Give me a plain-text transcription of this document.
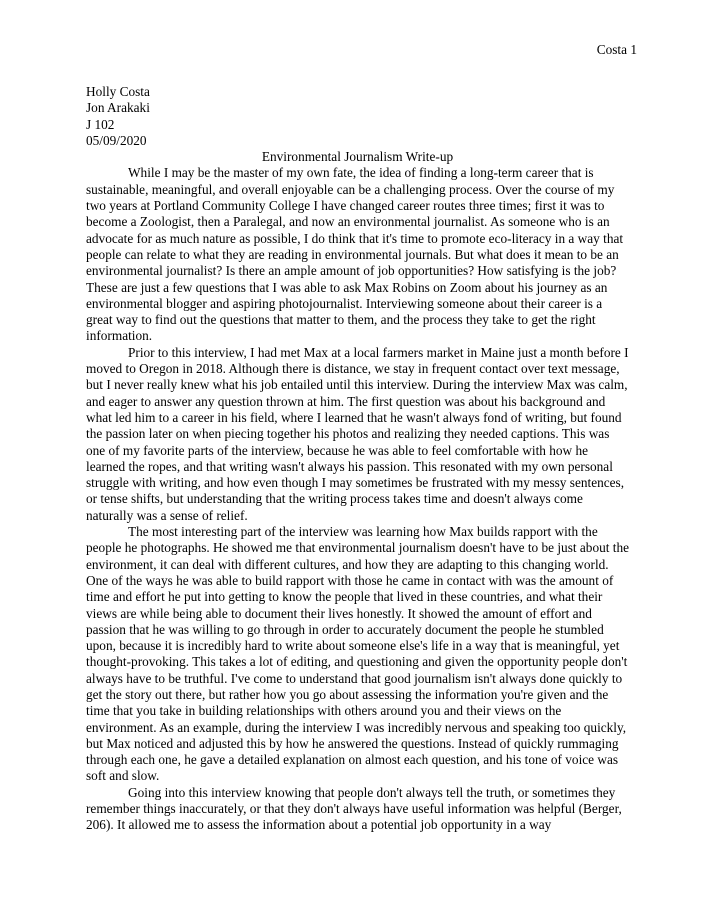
Costa 1

Holly Costa

Jon Arakaki

J 102

05/09/2020

Environmental Journalism Write-up

While I may be the master of my own fate, the idea of finding a long-term career that is sustainable, meaningful, and overall enjoyable can be a challenging process. Over the course of my two years at Portland Community College I have changed career routes three times; first it was to become a Zoologist, then a Paralegal, and now an environmental journalist. As someone who is an advocate for as much nature as possible, I do think that it's time to promote eco-literacy in a way that people can relate to what they are reading in environmental journals. But what does it mean to be an environmental journalist? Is there an ample amount of job opportunities? How satisfying is the job? These are just a few questions that I was able to ask Max Robins on Zoom about his journey as an environmental blogger and aspiring photojournalist. Interviewing someone about their career is a great way to find out the questions that matter to them, and the process they take to get the right information.

Prior to this interview, I had met Max at a local farmers market in Maine just a month before I moved to Oregon in 2018. Although there is distance, we stay in frequent contact over text message, but I never really knew what his job entailed until this interview. During the interview Max was calm, and eager to answer any question thrown at him. The first question was about his background and what led him to a career in his field, where I learned that he wasn't always fond of writing, but found the passion later on when piecing together his photos and realizing they needed captions. This was one of my favorite parts of the interview, because he was able to feel comfortable with how he learned the ropes, and that writing wasn't always his passion. This resonated with my own personal struggle with writing, and how even though I may sometimes be frustrated with my messy sentences, or tense shifts, but understanding that the writing process takes time and doesn't always come naturally was a sense of relief.

The most interesting part of the interview was learning how Max builds rapport with the people he photographs. He showed me that environmental journalism doesn't have to be just about the environment, it can deal with different cultures, and how they are adapting to this changing world. One of the ways he was able to build rapport with those he came in contact with was the amount of time and effort he put into getting to know the people that lived in these countries, and what their views are while being able to document their lives honestly. It showed the amount of effort and passion that he was willing to go through in order to accurately document the people he stumbled upon, because it is incredibly hard to write about someone else's life in a way that is meaningful, yet thought-provoking. This takes a lot of editing, and questioning and given the opportunity people don't always have to be truthful. I've come to understand that good journalism isn't always done quickly to get the story out there, but rather how you go about assessing the information you're given and the time that you take in building relationships with others around you and their views on the environment. As an example, during the interview I was incredibly nervous and speaking too quickly, but Max noticed and adjusted this by how he answered the questions. Instead of quickly rummaging through each one, he gave a detailed explanation on almost each question, and his tone of voice was soft and slow.

Going into this interview knowing that people don't always tell the truth, or sometimes they remember things inaccurately, or that they don't always have useful information was helpful (Berger, 206). It allowed me to assess the information about a potential job opportunity in a way
